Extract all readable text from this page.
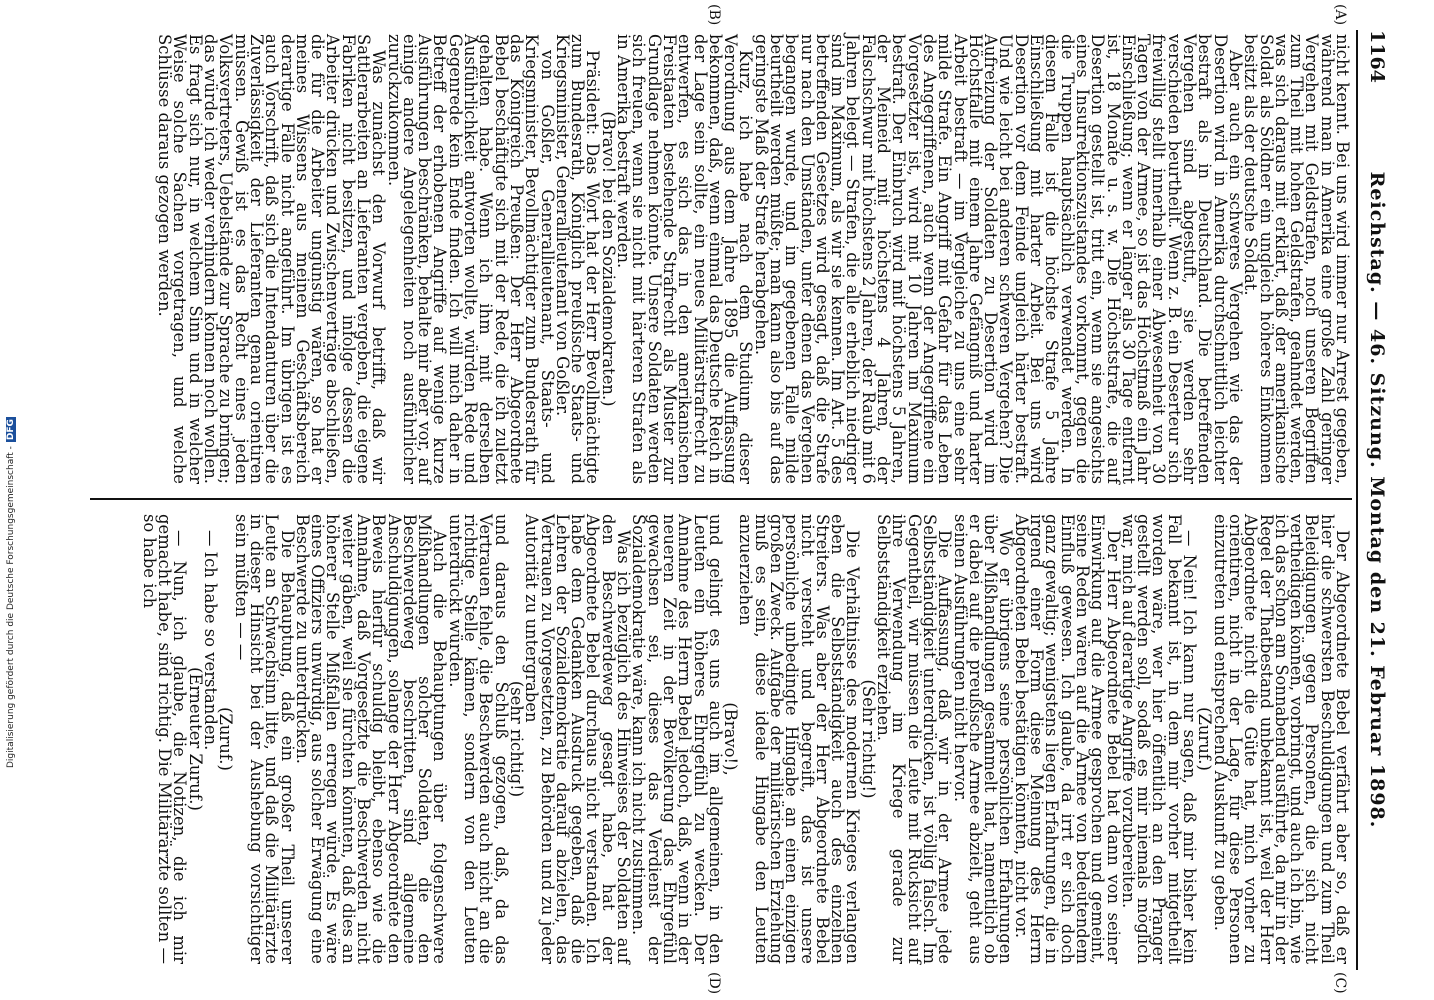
1164
Reichstag. — 46. Sitzung. Montag den 21. Februar 1898.
(A)
(B)
(C)
(D)

nicht kennt. Bei uns wird immer nur Arrest gegeben, während man in Amerika eine große Zahl geringer Vergehen mit Geldstrafen, noch unseren Begriffen zum Theil mit hohen Geldstrafen, geahndet werden, was sich daraus mit erklärt, daß der amerikanische Soldat als Söldner ein ungleich höheres Einkommen besitzt als der deutsche Soldat.

Aber auch ein schweres Vergehen wie das der Desertion wird in Amerika durchschnittlich leichter bestraft als in Deutschland. Die betreffenden Vergehen sind abgestuft, sie werden sehr verschieden beurtheilt. Wenn z. B. ein Deserteur sich freiwillig stellt innerhalb einer Abwesenheit von 30 Tagen von der Armee, so ist das Höchstmaß ein Jahr Einschließung; wenn er länger als 30 Tage entfernt ist, 18 Monate u. s. w. Die Höchststrafe, die auf Desertion gestellt ist, tritt ein, wenn sie angesichts eines Insurrektionszustandes vorkommt, gegen die die Truppen hauptsächlich verwendet werden. In diesem Falle ist die höchste Strafe 5 Jahre Einschließung mit harter Arbeit. Bei uns wird Desertion vor dem Feinde ungleich härter bestraft. Und wie leicht bei anderen schweren Vergehen? Die Aufreizung der Soldaten zu Desertion wird im Höchstfalle mit einem Jahre Gefängniß und harter Arbeit bestraft — im Vergleiche zu uns eine sehr milde Strafe. Ein Angriff mit Gefahr für das Leben des Angegriffenen, auch wenn der Angegriffene ein Vorgesetzter ist, wird mit 10 Jahren im Maximum bestraft. Der Einbruch wird mit höchstens 5 Jahren, der Meineid mit höchstens 4 Jahren, der Falschschwur mit höchstens 2 Jahren, der Raub mit 6 Jahren belegt — Strafen, die alle erheblich niedriger sind im Maximum, als wir sie kennen. Im Art. 5 des betreffenden Gesetzes wird gesagt, daß die Strafe nur nach den Umständen, unter denen das Vergehen begangen wurde, und im gegebenen Falle milde beurtheilt werden müßte; man kann also bis auf das geringste Maß der Strafe herabgehen.

Kurz, ich habe nach dem Studium dieser Verordnung aus dem Jahre 1895 die Auffassung bekommen, daß, wenn einmal das Deutsche Reich in der Lage sein sollte, ein neues Militärstrafrecht zu entwerfen, es sich das in den amerikanischen Freistaaten bestehende Strafrecht als Muster zur Grundlage nehmen könnte. Unsere Soldaten werden sich freuen, wenn sie nicht mit härteren Strafen als in Amerika bestraft werden.

(Bravo! bei den Sozialdemokraten.)

Präsident: Das Wort hat der Herr Bevollmächtigte zum Bundesrath, Königlich preußische Staats- und Kriegsminister, Generallieutenant von Goßler.

von Goßler, Generallieutenant, Staats- und Kriegsminister, Bevollmächtigter zum Bundesrath für das Königreich Preußen: Der Herr Abgeordnete Bebel beschäftigte sich mit der Rede, die ich zuletzt gehalten habe. Wenn ich ihm mit derselben Ausführlichkeit antworten wollte, würden Rede und Gegenrede kein Ende finden. Ich will mich daher in Betreff der erhobenen Angriffe auf wenige kurze Ausführungen beschränken, behalte mir aber vor, auf einige andere Angelegenheiten noch ausführlicher zurückzukommen.

Was zunächst den Vorwurf betrifft, daß wir Sattlerarbeiten an Lieferanten vergeben, die eigene Fabriken nicht besitzen, und infolge dessen die Arbeiter drücken und Zwischenverträge abschließen, die für die Arbeiter ungünstig wären, so hat er meines Wissens aus meinem Geschäftsbereich derartige Fälle nicht angeführt. Im übrigen ist es auch Vorschrift, daß sich die Intendanturen über die Zuverlässigkeit der Lieferanten genau orientiren müssen. Gewiß ist es das Recht eines jeden Volksvertreters, Uebelstände zur Sprache zu bringen; das würde ich weder verhindern können noch wollen. Es fragt sich nur, in welchem Sinn und in welcher Weise solche Sachen vorgetragen, und welche Schlüsse daraus gezogen werden.

Der Abgeordnete Bebel verfährt aber so, daß er hier die schwersten Beschuldigungen und zum Theil Beleidigungen gegen Personen, die sich nicht vertheidigen können, vorbringt, und auch ich bin, wie ich das schon am Sonnabend ausführte, da mir in der Regel der Thatbestand unbekannt ist, weil der Herr Abgeordnete nicht die Güte hat, mich vorher zu orientiren, nicht in der Lage, für diese Personen einzutreten und entsprechend Auskunft zu geben.

(Zuruf.)

— Nein! Ich kann nur sagen, daß mir bisher kein Fall bekannt ist, in dem mir vorher mitgetheilt worden wäre, wer hier öffentlich an den Pranger gestellt werden soll, sodaß es mir niemals möglich war, mich auf derartige Angriffe vorzubereiten.

Der Herr Abgeordnete Bebel hat dann von seiner Einwirkung auf die Armee gesprochen und gemeint, seine Reden wären auf die Armee von bedeutendem Einfluß gewesen. Ich glaube, da irrt er sich doch ganz gewaltig; wenigstens liegen Erfahrungen, die in irgend einer Form diese Meinung des Herrn Abgeordneten Bebel bestätigen könnten, nicht vor.

Wo er übrigens seine persönlichen Erfahrungen über Mißhandlungen gesammelt hat, namentlich ob er dabei auf die preußische Armee abzielt, geht aus seinen Ausführungen nicht hervor.

Die Auffassung, daß wir in der Armee jede Selbstständigkeit unterdrücken, ist völlig falsch. Im Gegentheil, wir müssen die Leute mit Rücksicht auf ihre Verwendung im Kriege gerade zur Selbstständigkeit erziehen.

(Sehr richtig!)

Die Verhältnisse des modernen Krieges verlangen eben die Selbstständigkeit auch des einzelnen Streiters. Was aber der Herr Abgeordnete Bebel nicht versteht und begreift, das ist unsere persönliche unbedingte Hingabe an einen einzigen großen Zweck. Aufgabe der militärischen Erziehung muß es sein, diese ideale Hingabe den Leuten anzuerziehen

(Bravo!),

und gelingt es uns auch im allgemeinen, in den Leuten ein höheres Ehrgefühl zu wecken. Der Annahme des Herrn Bebel jedoch, daß, wenn in der neueren Zeit in der Bevölkerung das Ehrgefühl gewachsen sei, dieses das Verdienst der Sozialdemokratie wäre, kann ich nicht zustimmen.

Was ich bezüglich des Hinweises der Soldaten auf den Beschwerdeweg gesagt habe, hat der Abgeordnete Bebel durchaus nicht verstanden. Ich habe dem Gedanken Ausdruck gegeben, daß die Lehren der Sozialdemokratie darauf abzielen, das Vertrauen zu Vorgesetzten, zu Behörden und zu jeder Autorität zu untergraben

(sehr richtig!)

und daraus den Schluß gezogen, daß, da das Vertrauen fehle, die Beschwerden auch nicht an die richtige Stelle kämen, sondern von den Leuten unterdrückt würden.

Auch die Behauptungen über folgenschwere Mißhandlungen solcher Soldaten, die den Beschwerdeweg beschritten, sind allgemeine Anschuldigungen, solange der Herr Abgeordnete den Beweis hierfür schuldig bleibt, ebenso wie die Annahme, daß Vorgesetzte die Beschwerden nicht weiter gäben, weil sie fürchten könnten, daß dies an höherer Stelle Mißfallen erregen würde. Es wäre eines Offiziers unwürdig, aus solcher Erwägung eine Beschwerde zu unterdrücken.

Die Behauptung, daß ein großer Theil unserer Leute an Schwachsinn litte, und daß die Militärärzte in dieser Hinsicht bei der Aushebung vorsichtiger sein müßten — —

(Zuruf.)

— Ich habe so verstanden.

(Erneuter Zuruf.)

— Nun, ich glaube, die Notizen, die ich mir gemacht habe, sind richtig. Die Militärärzte sollten — so habe ich

Digitalisierung gefördert durch die Deutsche Forschungsgemeinschaft -DFG
